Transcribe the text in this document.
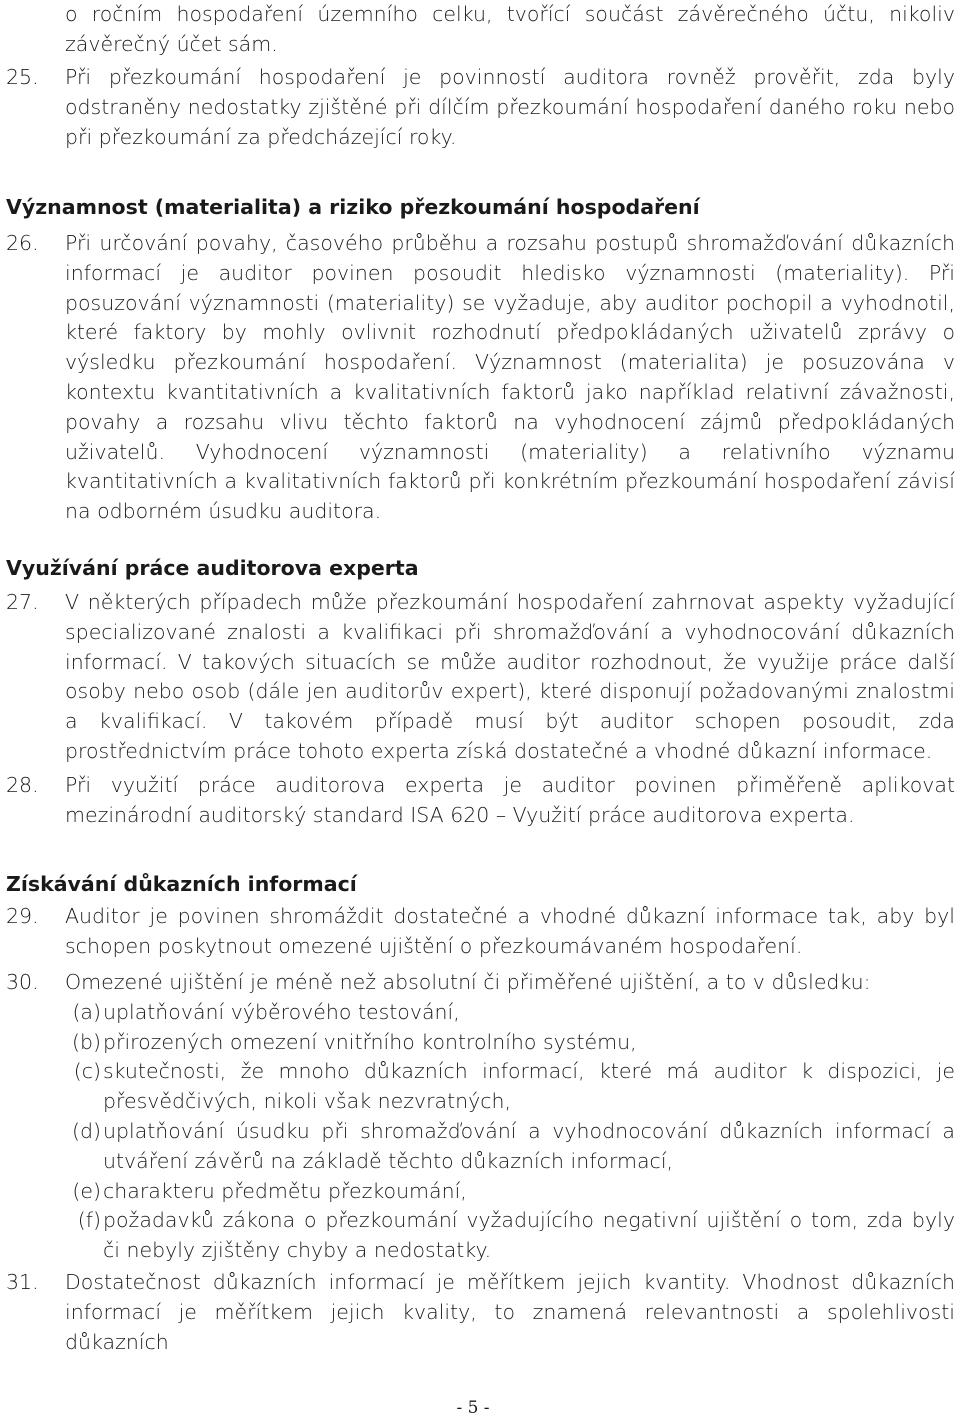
o ročním hospodaření územního celku, tvořící součást závěrečného účtu, nikoliv závěrečný účet sám.
25. Při přezkoumání hospodaření je povinností auditora rovněž prověřit, zda byly odstraněny nedostatky zjištěné při dílčím přezkoumání hospodaření daného roku nebo při přezkoumání za předcházející roky.
Významnost (materialita) a riziko přezkoumání hospodaření
26. Při určování povahy, časového průběhu a rozsahu postupů shromažďování důkazních informací je auditor povinen posoudit hledisko významnosti (materiality). Při posuzování významnosti (materiality) se vyžaduje, aby auditor pochopil a vyhodnotil, které faktory by mohly ovlivnit rozhodnutí předpokládaných uživatelů zprávy o výsledku přezkoumání hospodaření. Významnost (materialita) je posuzována v kontextu kvantitativních a kvalitativních faktorů jako například relativní závažnosti, povahy a rozsahu vlivu těchto faktorů na vyhodnocení zájmů předpokládaných uživatelů. Vyhodnocení významnosti (materiality) a relativního významu kvantitativních a kvalitativních faktorů při konkrétním přezkoumání hospodaření závisí na odborném úsudku auditora.
Využívání práce auditorova experta
27. V některých případech může přezkoumání hospodaření zahrnovat aspekty vyžadující specializované znalosti a kvalifikaci při shromažďování a vyhodnocování důkazních informací. V takových situacích se může auditor rozhodnout, že využije práce další osoby nebo osob (dále jen auditorův expert), které disponují požadovanými znalostmi a kvalifikací. V takovém případě musí být auditor schopen posoudit, zda prostřednictvím práce tohoto experta získá dostatečné a vhodné důkazní informace.
28. Při využití práce auditorova experta je auditor povinen přiměřeně aplikovat mezinárodní auditorský standard ISA 620 – Využití práce auditorova experta.
Získávání důkazních informací
29. Auditor je povinen shromáždit dostatečné a vhodné důkazní informace tak, aby byl schopen poskytnout omezené ujištění o přezkoumávaném hospodaření.
30. Omezené ujištění je méně než absolutní či přiměřené ujištění, a to v důsledku:
(a) uplatňování výběrového testování,
(b) přirozených omezení vnitřního kontrolního systému,
(c) skutečnosti, že mnoho důkazních informací, které má auditor k dispozici, je přesvědčivých, nikoli však nezvratných,
(d) uplatňování úsudku při shromažďování a vyhodnocování důkazních informací a utváření závěrů na základě těchto důkazních informací,
(e) charakteru předmětu přezkoumání,
(f) požadavků zákona o přezkoumání vyžadujícího negativní ujištění o tom, zda byly či nebyly zjištěny chyby a nedostatky.
31. Dostatečnost důkazních informací je měřítkem jejich kvantity. Vhodnost důkazních informací je měřítkem jejich kvality, to znamená relevantnosti a spolehlivosti důkazních
- 5 -
